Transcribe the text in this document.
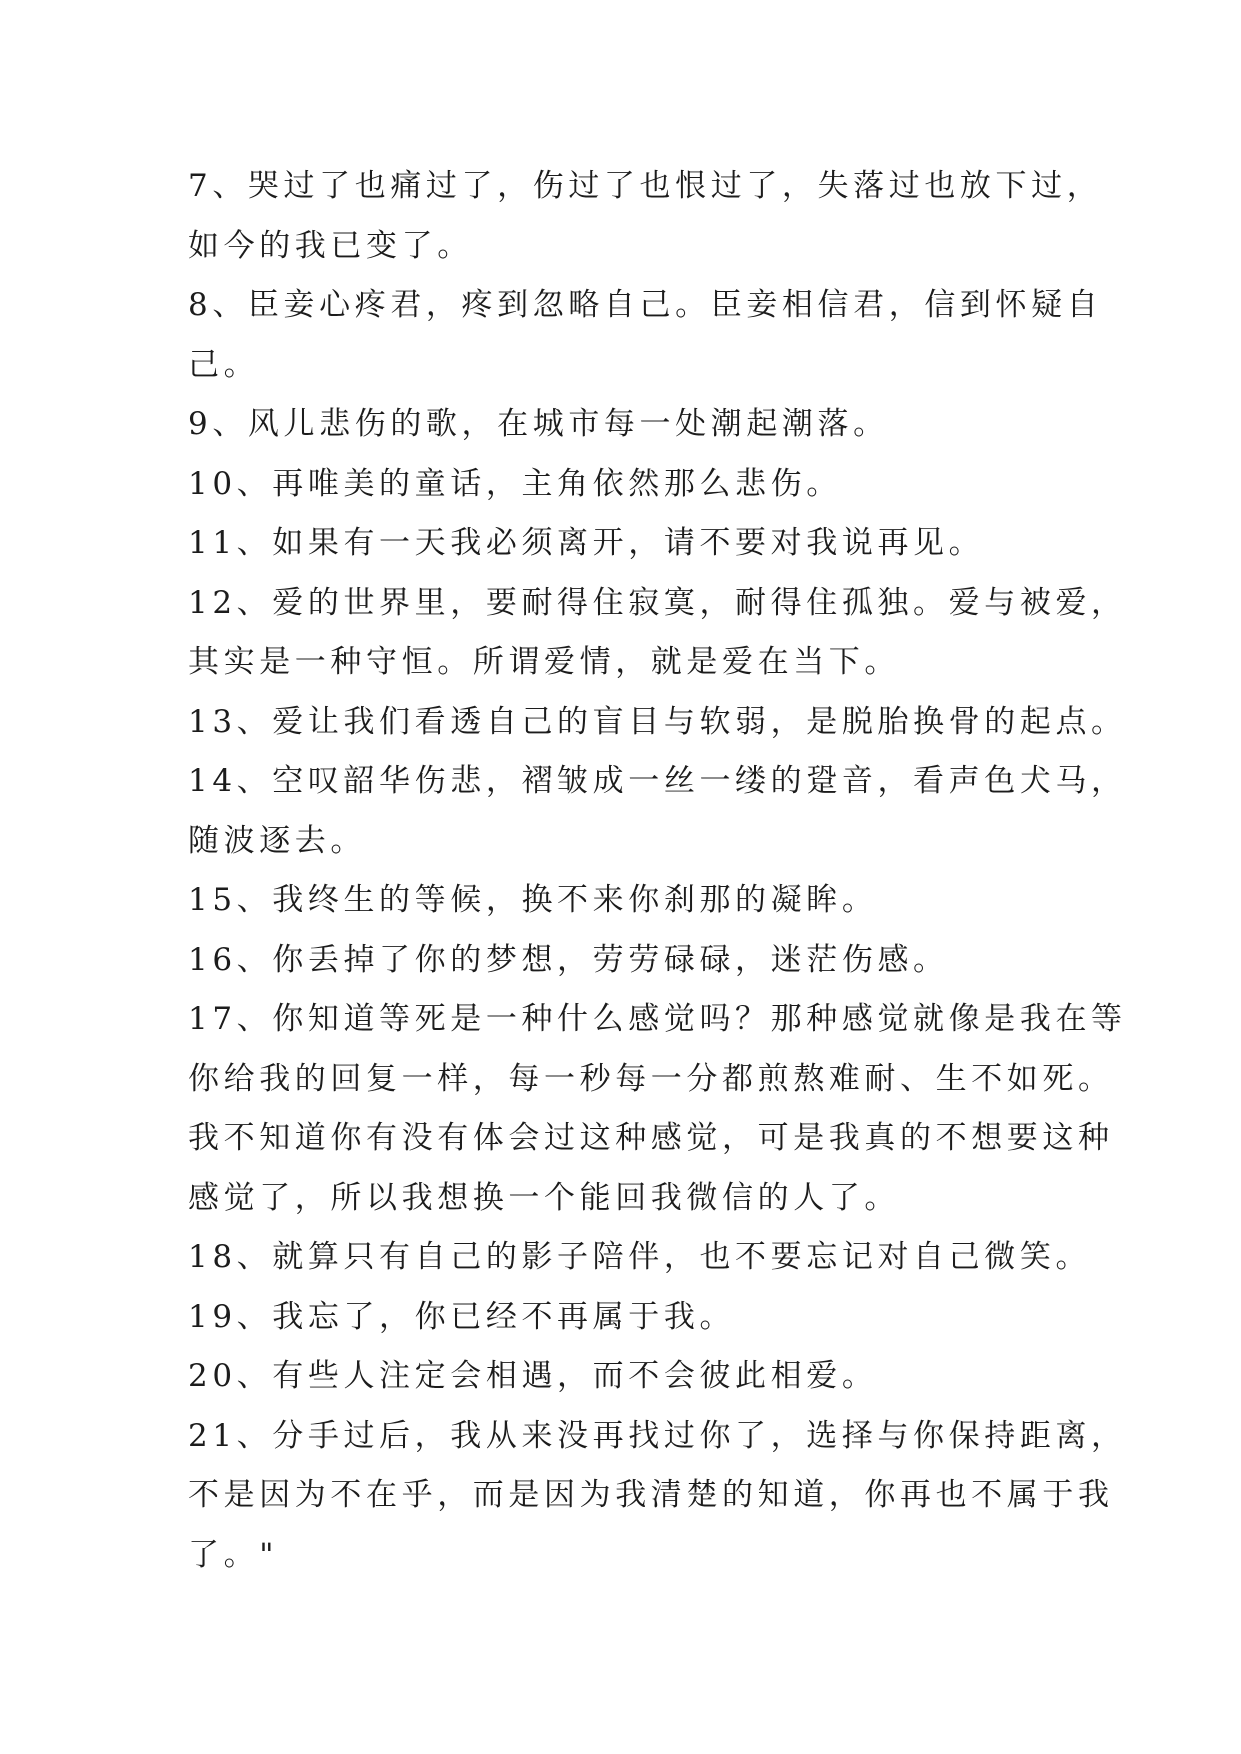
7、哭过了也痛过了，伤过了也恨过了，失落过也放下过，
如今的我已变了。
8、臣妾心疼君，疼到忽略自己。臣妾相信君，信到怀疑自
己。
9、风儿悲伤的歌，在城市每一处潮起潮落。
10、再唯美的童话，主角依然那么悲伤。
11、如果有一天我必须离开，请不要对我说再见。
12、爱的世界里，要耐得住寂寞，耐得住孤独。爱与被爱，
其实是一种守恒。所谓爱情，就是爱在当下。
13、爱让我们看透自己的盲目与软弱，是脱胎换骨的起点。
14、空叹韶华伤悲，褶皱成一丝一缕的跫音，看声色犬马，
随波逐去。
15、我终生的等候，换不来你刹那的凝眸。
16、你丢掉了你的梦想，劳劳碌碌，迷茫伤感。
17、你知道等死是一种什么感觉吗？那种感觉就像是我在等
你给我的回复一样，每一秒每一分都煎熬难耐、生不如死。
我不知道你有没有体会过这种感觉，可是我真的不想要这种
感觉了，所以我想换一个能回我微信的人了。
18、就算只有自己的影子陪伴，也不要忘记对自己微笑。
19、我忘了，你已经不再属于我。
20、有些人注定会相遇，而不会彼此相爱。
21、分手过后，我从来没再找过你了，选择与你保持距离，
不是因为不在乎，而是因为我清楚的知道，你再也不属于我
了。"
